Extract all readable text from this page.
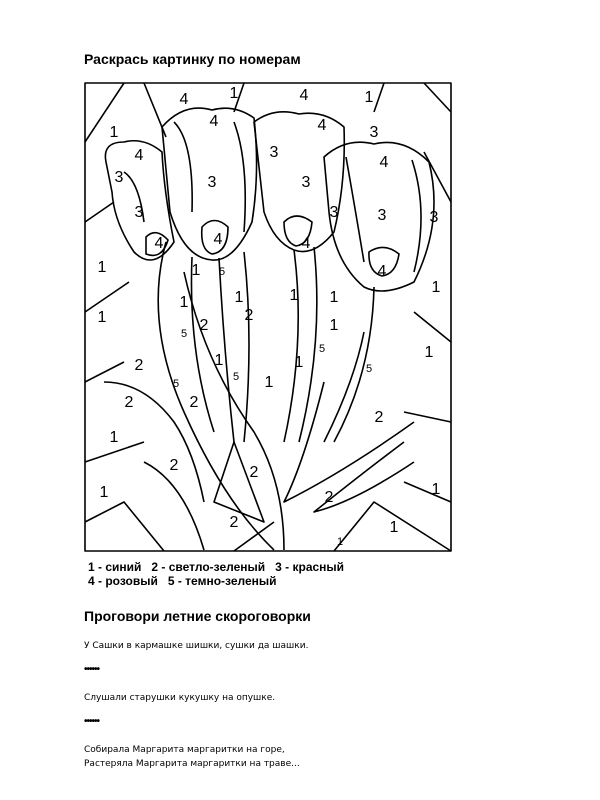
Раскрась картинку по номерам
1
4	1	4	1
4
3
4
3
4	3
3	3
4
3	3 3	3
4	4	4
4
1	1
1	1 1
1
1
1
2
2
1
1
2	1
1
1
2
1
2	2
2	1
1
2	1
2	2
5
5
5
5
5
5
1
1 - синий   2 - светло-зеленый   3 - красный
4 - розовый   5 - темно-зеленый
Проговори летние скороговорки
У Сашки в кармашке шишки, сушки да шашки.
••••••
Слушали старушки кукушку на опушке.
••••••
Собирала Маргарита маргаритки на горе,
Растеряла Маргарита маргаритки на траве...
